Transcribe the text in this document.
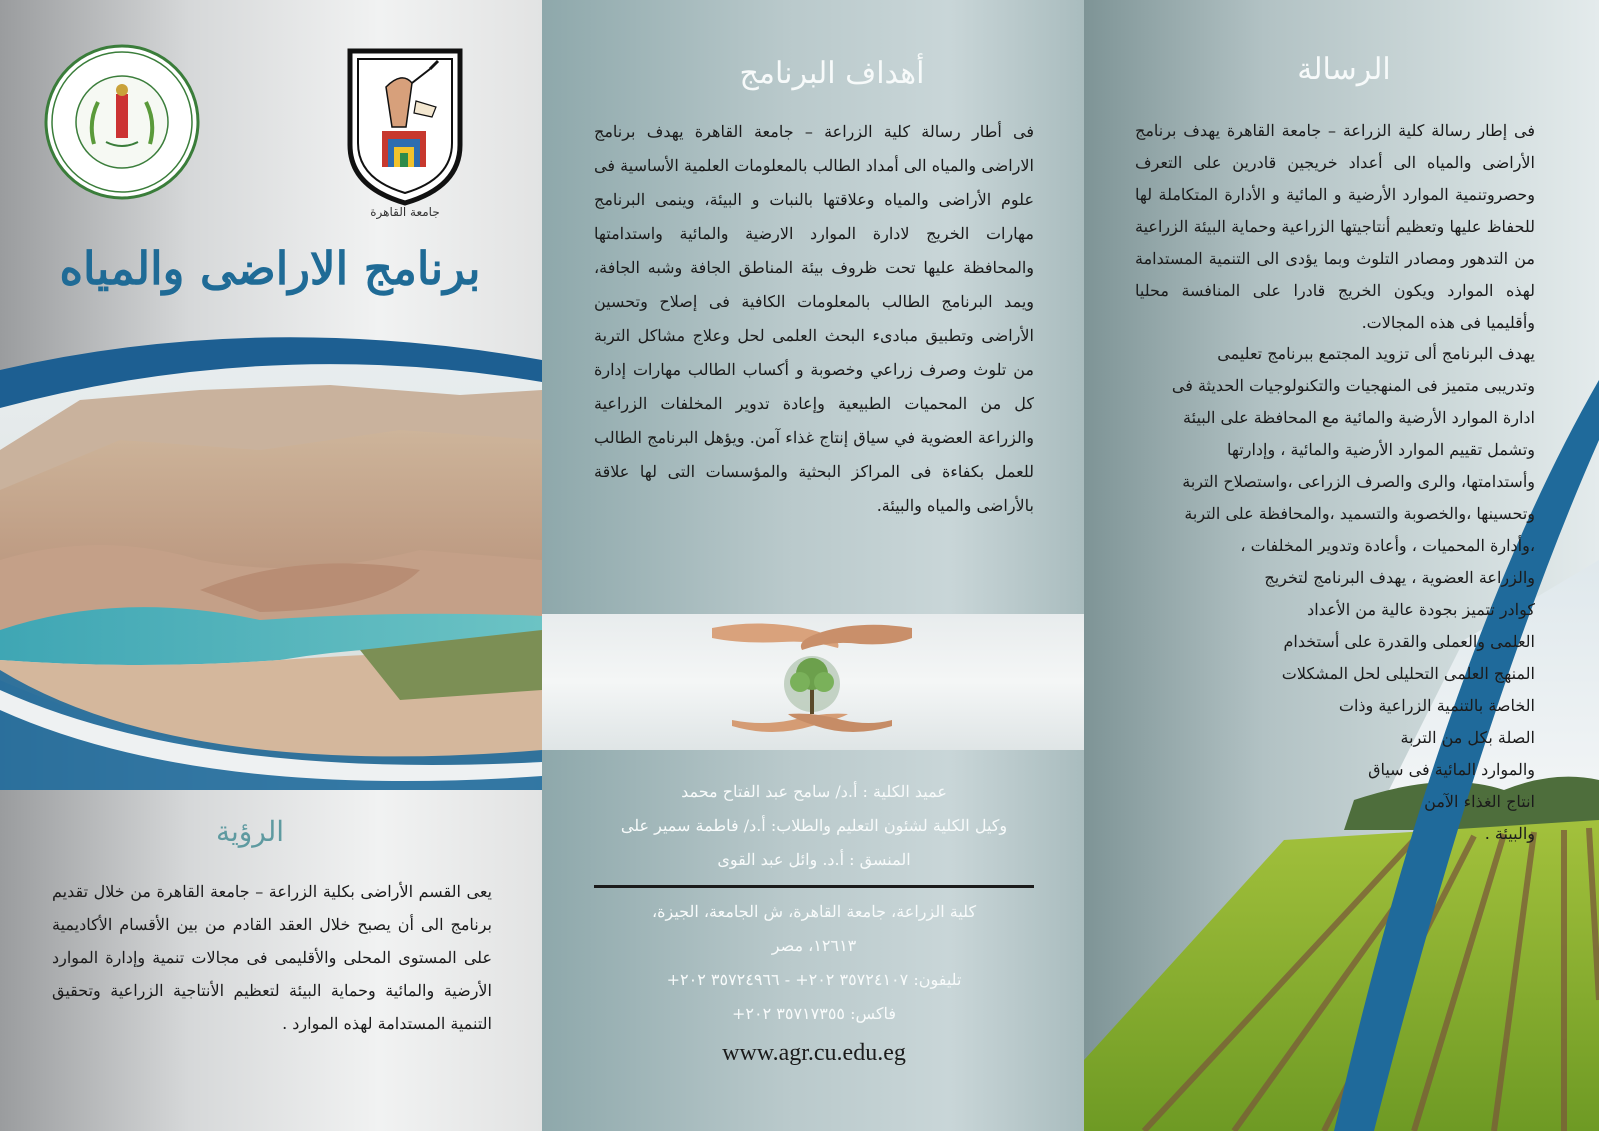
جامعة القاهرة
برنامج الاراضى والمياه
الرؤية
يعى القسم الأراضى بكلية الزراعة – جامعة القاهرة من خلال تقديم برنامج الى أن يصبح خلال العقد القادم من بين الأقسام الأكاديمية على المستوى المحلى والأقليمى فى مجالات تنمية وإدارة الموارد الأرضية والمائية وحماية البيئة لتعظيم الأنتاجية الزراعية وتحقيق التنمية المستدامة لهذه الموارد .
أهداف البرنامج
فى أطار رسالة كلية الزراعة – جامعة القاهرة يهدف برنامج الاراضى والمياه الى أمداد الطالب بالمعلومات العلمية الأساسية فى علوم الأراضى والمياه وعلاقتها بالنبات و البيئة، وينمى البرنامج مهارات الخريج لادارة الموارد الارضية والمائية واستدامتها والمحافظة عليها تحت ظروف بيئة المناطق الجافة وشبه الجافة، ويمد البرنامج الطالب بالمعلومات الكافية فى إصلاح وتحسين الأراضى وتطبيق مبادىء البحث العلمى لحل وعلاج مشاكل التربة من تلوث وصرف زراعي وخصوبة و أكساب الطالب مهارات إدارة كل من المحميات الطبيعية وإعادة تدوير المخلفات الزراعية والزراعة العضوية في سياق إنتاج غذاء آمن. ويؤهل البرنامج الطالب للعمل بكفاءة فى المراكز البحثية والمؤسسات التى لها علاقة بالأراضى والمياه والبيئة.
عميد الكلية : أ.د/ سامح عبد الفتاح محمد
وكيل الكلية لشئون التعليم والطلاب: أ.د/ فاطمة سمير على
المنسق : أ.د. وائل عبد القوى
كلية الزراعة، جامعة القاهرة، ش الجامعة، الجيزة،
١٢٦١٣، مصر
تليفون: ٣٥٧٢٤١٠٧ ٢٠٢+ - ٣٥٧٢٤٩٦٦ ٢٠٢+
فاكس: ٣٥٧١٧٣٥٥ ٢٠٢+
www.agr.cu.edu.eg
الرسالة
فى إطار رسالة كلية الزراعة – جامعة القاهرة يهدف برنامج الأراضى والمياه الى أعداد خريجين قادرين على التعرف وحصروتنمية الموارد الأرضية و المائية و الأدارة المتكاملة لها للحفاظ عليها وتعظيم أنتاجيتها الزراعية وحماية البيئة الزراعية من التدهور ومصادر التلوث وبما يؤدى الى التنمية المستدامة لهذه الموارد ويكون الخريج قادرا على المنافسة محليا وأقليميا فى هذه المجالات.
يهدف البرنامج ألى تزويد المجتمع ببرنامج تعليمى
وتدريبى متميز فى المنهجيات والتكنولوجيات الحديثة فى
ادارة الموارد الأرضية والمائية مع المحافظة على البيئة
وتشمل تقييم الموارد الأرضية والمائية ، وإدارتها
وأستدامتها، والرى والصرف الزراعى ،واستصلاح التربة
وتحسينها ،والخصوبة والتسميد ،والمحافظة على التربة
،وأدارة المحميات ، وأعادة وتدوير المخلفات ،
والزراعة العضوية ، يهدف البرنامج لتخريج
كوادر تتميز بجودة عالية من الأعداد
العلمى والعملى والقدرة على أستخدام
المنهج العلمى التحليلى لحل المشكلات
الخاصة بالتنمية الزراعية وذات
الصلة بكل من التربة
والموارد المائية فى سياق
انتاج الغذاء الآمن
والبيئة .
